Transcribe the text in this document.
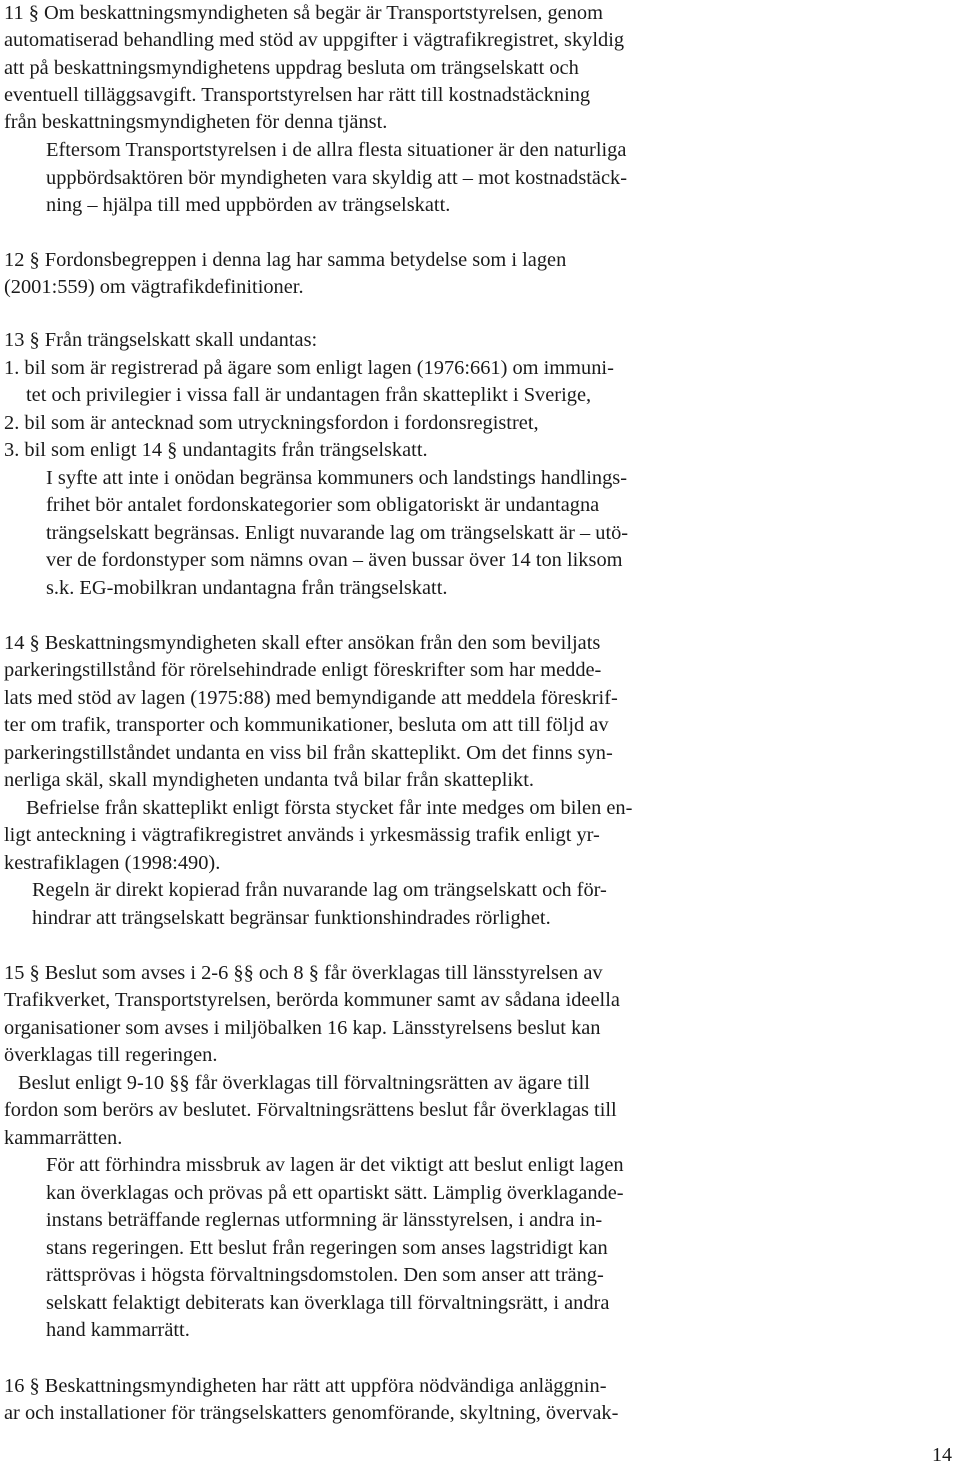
11 § Om beskattningsmyndigheten så begär är Transportstyrelsen, genom

automatiserad behandling med stöd av uppgifter i vägtrafikregistret, skyldig

att på beskattningsmyndighetens uppdrag besluta om trängselskatt och

eventuell tilläggsavgift. Transportstyrelsen har rätt till kostnadstäckning

från beskattningsmyndigheten för denna tjänst.

Eftersom Transportstyrelsen i de allra flesta situationer är den naturliga

uppbördsaktören bör myndigheten vara skyldig att – mot kostnadstäck-

ning – hjälpa till med uppbörden av trängselskatt.

12 § Fordonsbegreppen i denna lag har samma betydelse som i lagen

(2001:559) om vägtrafikdefinitioner.

13 § Från trängselskatt skall undantas:

1. bil som är registrerad på ägare som enligt lagen (1976:661) om immuni-

tet och privilegier i vissa fall är undantagen från skatteplikt i Sverige,

2. bil som är antecknad som utryckningsfordon i fordonsregistret,

3. bil som enligt 14 § undantagits från trängselskatt.

I syfte att inte i onödan begränsa kommuners och landstings handlings-

frihet bör antalet fordonskategorier som obligatoriskt är undantagna

trängselskatt begränsas. Enligt nuvarande lag om trängselskatt är – utö-

ver de fordonstyper som nämns ovan – även bussar över 14 ton liksom

s.k. EG-mobilkran undantagna från trängselskatt.

14 § Beskattningsmyndigheten skall efter ansökan från den som beviljats

parkeringstillstånd för rörelsehindrade enligt föreskrifter som har medde-

lats med stöd av lagen (1975:88) med bemyndigande att meddela föreskrif-

ter om trafik, transporter och kommunikationer, besluta om att till följd av

parkeringstillståndet undanta en viss bil från skatteplikt. Om det finns syn-

nerliga skäl, skall myndigheten undanta två bilar från skatteplikt.

Befrielse från skatteplikt enligt första stycket får inte medges om bilen en-

ligt anteckning i vägtrafikregistret används i yrkesmässig trafik enligt yr-

kestrafiklagen (1998:490).

Regeln är direkt kopierad från nuvarande lag om trängselskatt och för-

hindrar att trängselskatt begränsar funktionshindrades rörlighet.

15 § Beslut som avses i 2-6 §§ och 8 § får överklagas till länsstyrelsen av

Trafikverket, Transportstyrelsen, berörda kommuner samt av sådana ideella

organisationer som avses i miljöbalken 16 kap. Länsstyrelsens beslut kan

överklagas till regeringen.

Beslut enligt 9-10 §§ får överklagas till förvaltningsrätten av ägare till

fordon som berörs av beslutet. Förvaltningsrättens beslut får överklagas till

kammarrätten.

För att förhindra missbruk av lagen är det viktigt att beslut enligt lagen

kan överklagas och prövas på ett opartiskt sätt. Lämplig överklagande-

instans beträffande reglernas utformning är länsstyrelsen, i andra in-

stans regeringen. Ett beslut från regeringen som anses lagstridigt kan

rättsprövas i högsta förvaltningsdomstolen. Den som anser att träng-

selskatt felaktigt debiterats kan överklaga till förvaltningsrätt, i andra

hand kammarrätt.

16 § Beskattningsmyndigheten har rätt att uppföra nödvändiga anläggnin-

ar och installationer för trängselskatters genomförande, skyltning, övervak-

14
